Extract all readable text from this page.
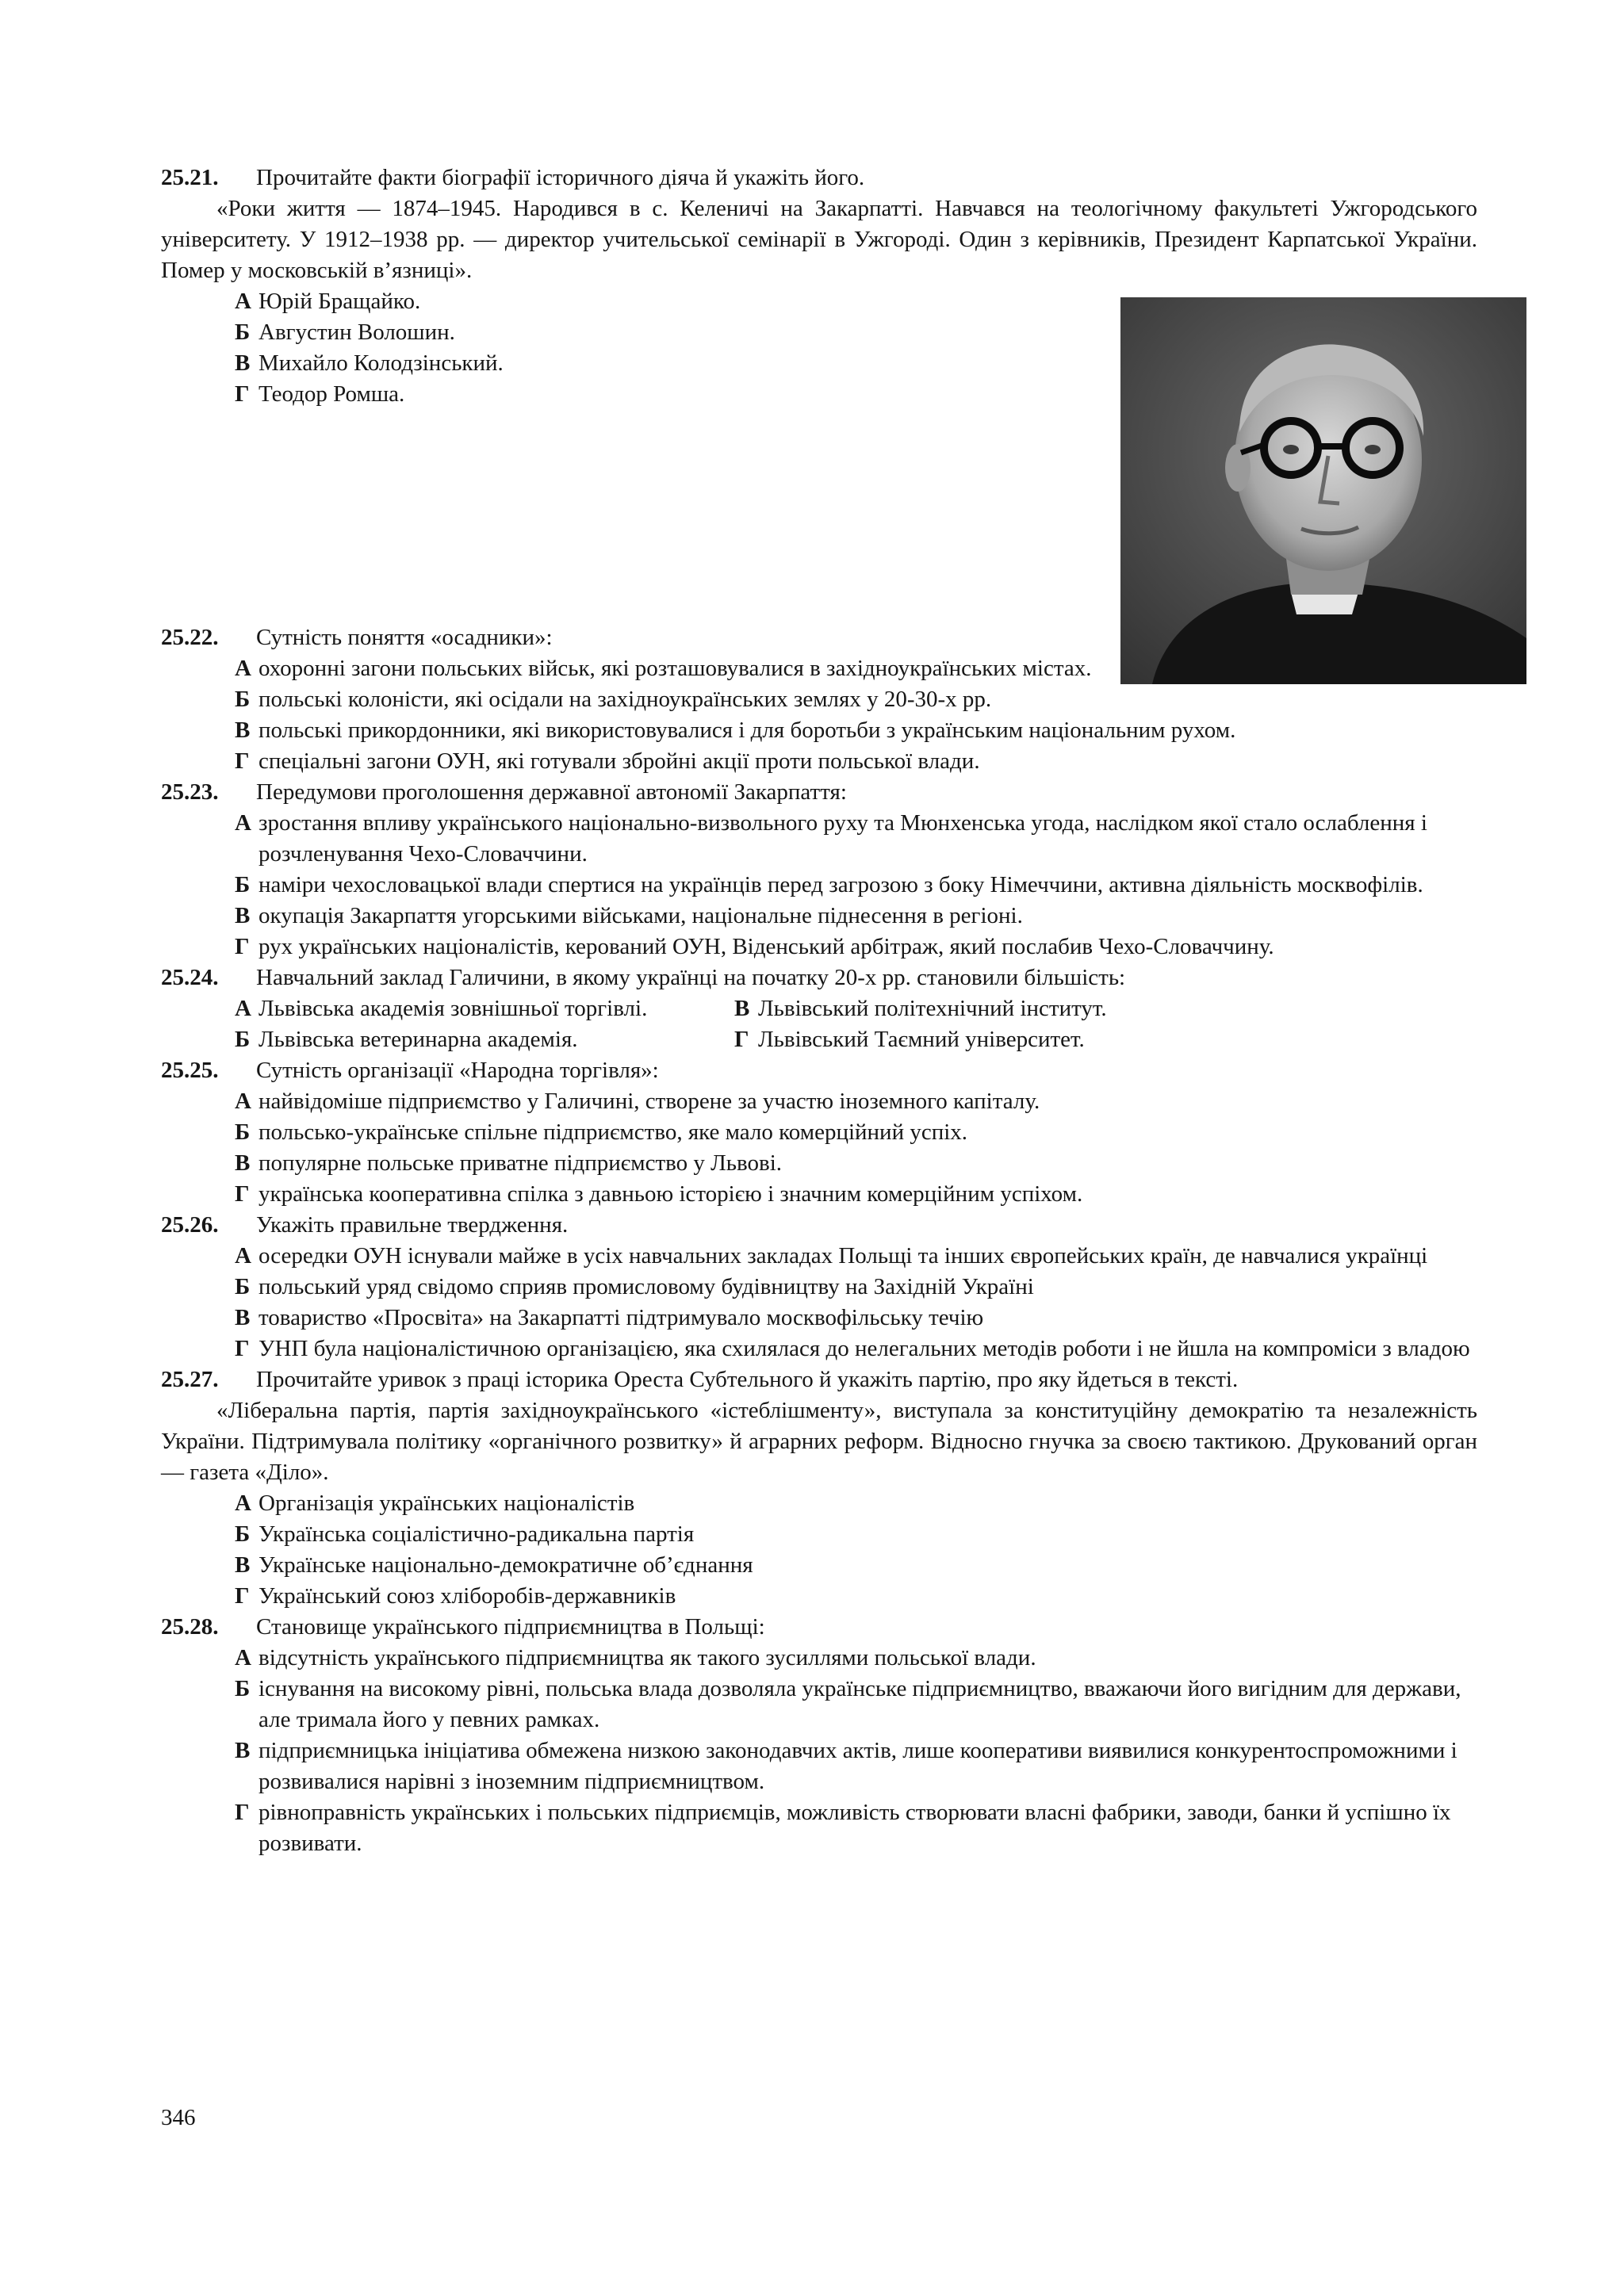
25.21.	Прочитайте факти біографії історичного діяча й укажіть його.

«Роки життя — 1874–1945. Народився в с. Келеничі на Закарпатті. Навчався на теологічному факультеті Ужгородського університету. У 1912–1938 рр. — директор учительської семінарії в Ужгороді. Один з керівників, Президент Карпатської України. Помер у московській в’язниці».

А Юрій Бращайко.
Б Августин Волошин.
В Михайло Колодзінський.
Г Теодор Ромша.
25.22.	Сутність поняття «осадники»:
А охоронні загони польських військ, які розташовувалися в західноукраїнських містах.
Б польські колоністи, які осідали на західноукраїнських землях у 20-30-х рр.
В польські прикордонники, які використовувалися і для боротьби з українським національним рухом.
Г спеціальні загони ОУН, які готували збройні акції проти польської влади.
25.23.	Передумови проголошення державної автономії Закарпаття:
А зростання впливу українського національно-визвольного руху та Мюнхенська угода, наслідком якої стало ослаблення і розчленування Чехо-Словаччини.
Б наміри чехословацької влади спертися на українців перед загрозою з боку Німеччини, активна діяльність москвофілів.
В окупація Закарпаття угорськими військами, національне піднесення в регіоні.
Г рух українських націоналістів, керований ОУН, Віденський арбітраж, який послабив Чехо-Словаччину.
25.24.	Навчальний заклад Галичини, в якому українці на початку 20-х рр. становили більшість:
А Львівська академія зовнішньої торгівлі.	В Львівський політехнічний інститут.
Б Львівська ветеринарна академія.	Г Львівський Таємний університет.
25.25.	Сутність організації «Народна торгівля»:
А найвідоміше підприємство у Галичині, створене за участю іноземного капіталу.
Б польсько-українське спільне підприємство, яке мало комерційний успіх.
В популярне польське приватне підприємство у Львові.
Г українська кооперативна спілка з давньою історією і значним комерційним успіхом.
25.26.	Укажіть правильне твердження.
А осередки ОУН існували майже в усіх навчальних закладах Польщі та інших європейських країн, де навчалися українці
Б польський уряд свідомо сприяв промисловому будівництву на Західній Україні
В товариство «Просвіта» на Закарпатті підтримувало москвофільську течію
Г УНП була націоналістичною організацією, яка схилялася до нелегальних методів роботи і не йшла на компроміси з владою
25.27.	Прочитайте уривок з праці історика Ореста Субтельного й укажіть партію, про яку йдеться в тексті.

«Ліберальна партія, партія західноукраїнського «істеблішменту», виступала за конституційну демократію та незалежність України. Підтримувала політику «органічного розвитку» й аграрних реформ. Відносно гнучка за своєю тактикою. Друкований орган — газета «Діло».

А Організація українських націоналістів
Б Українська соціалістично-радикальна партія
В Українське національно-демократичне об’єднання
Г Український союз хліборобів-державників
25.28.	Становище українського підприємництва в Польщі:
А відсутність українського підприємництва як такого зусиллями польської влади.
Б існування на високому рівні, польська влада дозволяла українське підприємництво, вважаючи його вигідним для держави, але тримала його у певних рамках.
В підприємницька ініціатива обмежена низкою законодавчих актів, лише кооперативи виявилися конкурентоспроможними і розвивалися нарівні з іноземним підприємництвом.
Г рівноправність українських і польських підприємців, можливість створювати власні фабрики, заводи, банки й успішно їх розвивати.
346
